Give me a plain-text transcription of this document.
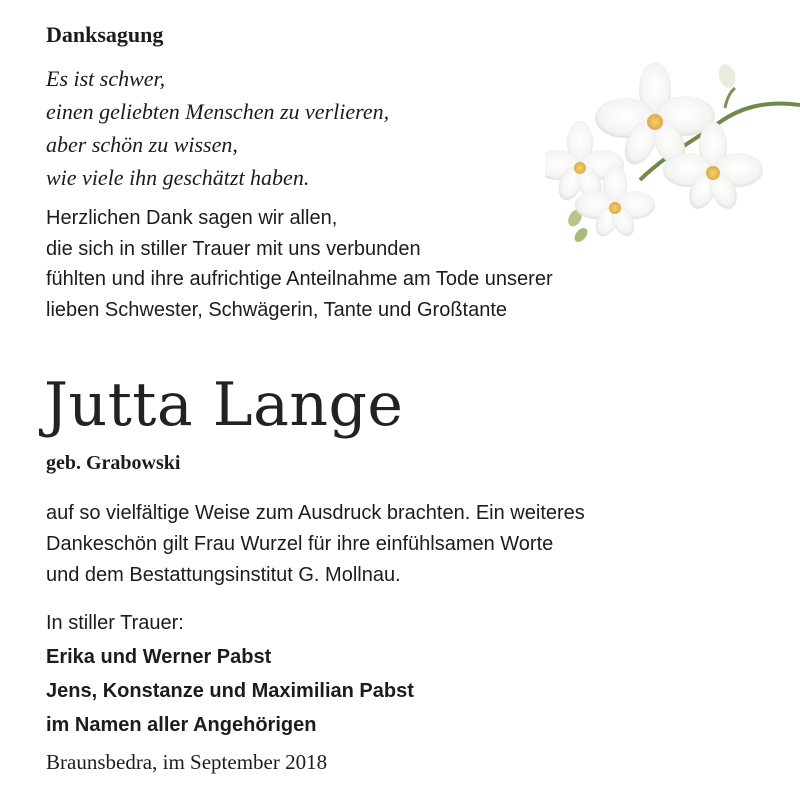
Danksagung
Es ist schwer,
einen geliebten Menschen zu verlieren,
aber schön zu wissen,
wie viele ihn geschätzt haben.
Herzlichen Dank sagen wir allen,
die sich in stiller Trauer mit uns verbunden
fühlten und ihre aufrichtige Anteilnahme am Tode unserer
lieben Schwester, Schwägerin, Tante und Großtante
Jutta Lange
geb. Grabowski
auf so vielfältige Weise zum Ausdruck brachten. Ein weiteres
Dankeschön gilt Frau Wurzel für ihre einfühlsamen Worte
und dem Bestattungsinstitut G. Mollnau.
In stiller Trauer:
Erika und Werner Pabst
Jens, Konstanze und Maximilian Pabst
im Namen aller Angehörigen
Braunsbedra, im September 2018
